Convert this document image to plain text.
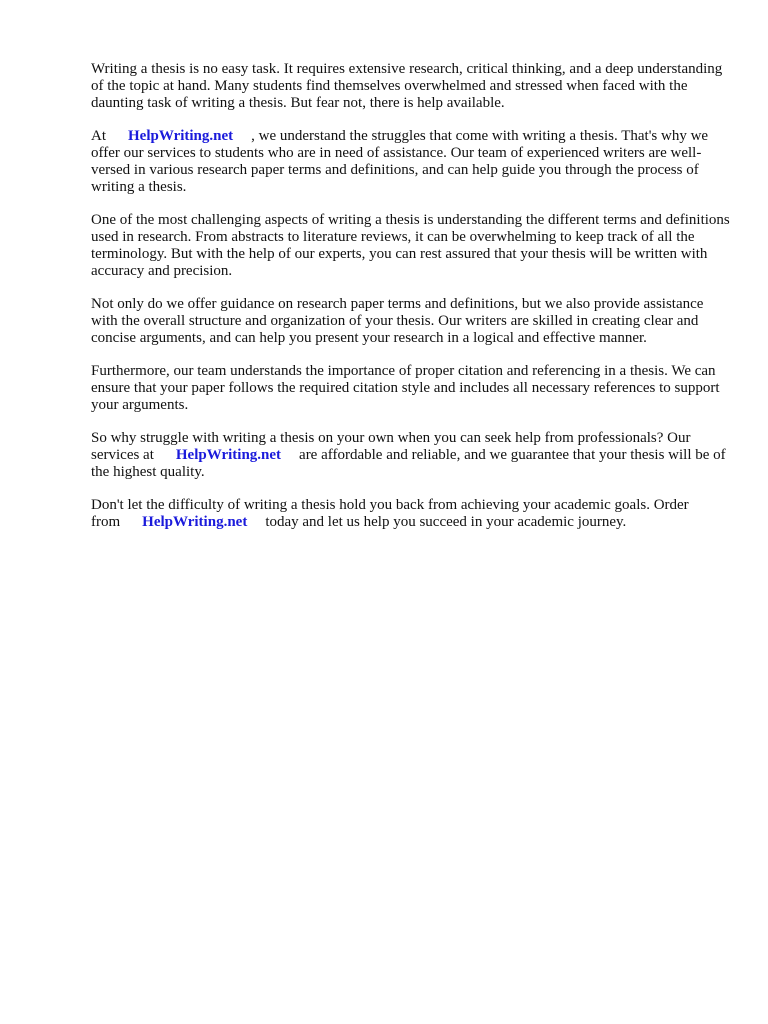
Writing a thesis is no easy task. It requires extensive research, critical thinking, and a deep understanding of the topic at hand. Many students find themselves overwhelmed and stressed when faced with the daunting task of writing a thesis. But fear not, there is help available.

At HelpWriting.net , we understand the struggles that come with writing a thesis. That's why we offer our services to students who are in need of assistance. Our team of experienced writers are well-versed in various research paper terms and definitions, and can help guide you through the process of writing a thesis.

One of the most challenging aspects of writing a thesis is understanding the different terms and definitions used in research. From abstracts to literature reviews, it can be overwhelming to keep track of all the terminology. But with the help of our experts, you can rest assured that your thesis will be written with accuracy and precision.

Not only do we offer guidance on research paper terms and definitions, but we also provide assistance with the overall structure and organization of your thesis. Our writers are skilled in creating clear and concise arguments, and can help you present your research in a logical and effective manner.

Furthermore, our team understands the importance of proper citation and referencing in a thesis. We can ensure that your paper follows the required citation style and includes all necessary references to support your arguments.

So why struggle with writing a thesis on your own when you can seek help from professionals? Our services at HelpWriting.net are affordable and reliable, and we guarantee that your thesis will be of the highest quality.

Don't let the difficulty of writing a thesis hold you back from achieving your academic goals. Order from HelpWriting.net today and let us help you succeed in your academic journey.
